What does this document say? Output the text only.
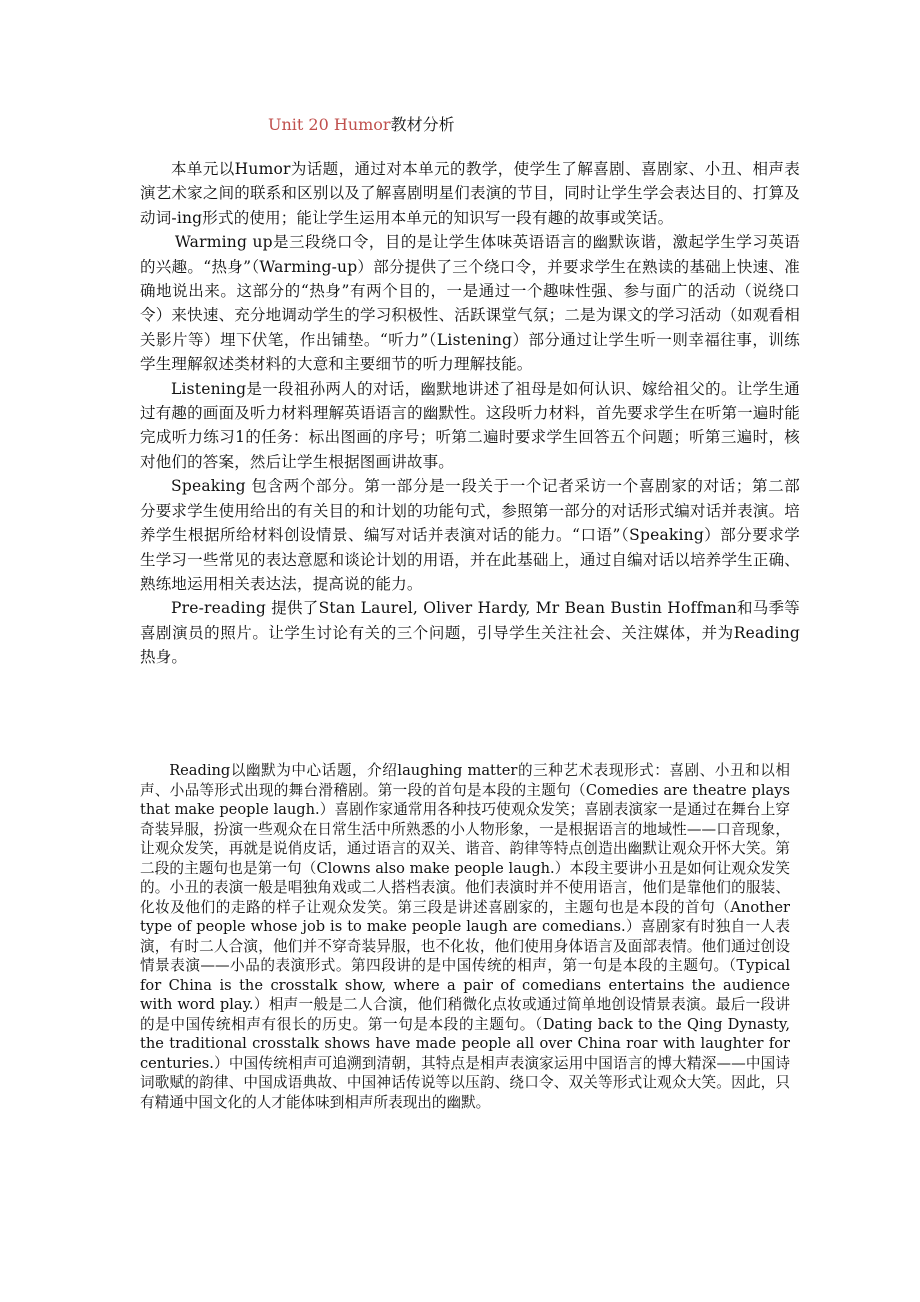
Unit 20 Humor教材分析

本单元以Humor为话题，通过对本单元的教学，使学生了解喜剧、喜剧家、小丑、相声表演艺术家之间的联系和区别以及了解喜剧明星们表演的节目，同时让学生学会表达目的、打算及动词-ing形式的使用；能让学生运用本单元的知识写一段有趣的故事或笑话。

Warming up是三段绕口令，目的是让学生体味英语语言的幽默诙谐，激起学生学习英语的兴趣。“热身”（Warming-up）部分提供了三个绕口令，并要求学生在熟读的基础上快速、准确地说出来。这部分的“热身”有两个目的，一是通过一个趣味性强、参与面广的活动（说绕口令）来快速、充分地调动学生的学习积极性、活跃课堂气氛；二是为课文的学习活动（如观看相关影片等）埋下伏笔，作出铺垫。“听力”（Listening）部分通过让学生听一则幸福往事，训练学生理解叙述类材料的大意和主要细节的听力理解技能。

Listening是一段祖孙两人的对话，幽默地讲述了祖母是如何认识、嫁给祖父的。让学生通过有趣的画面及听力材料理解英语语言的幽默性。这段听力材料，首先要求学生在听第一遍时能完成听力练习1的任务：标出图画的序号；听第二遍时要求学生回答五个问题；听第三遍时，核对他们的答案，然后让学生根据图画讲故事。

Speaking 包含两个部分。第一部分是一段关于一个记者采访一个喜剧家的对话；第二部分要求学生使用给出的有关目的和计划的功能句式，参照第一部分的对话形式编对话并表演。培养学生根据所给材料创设情景、编写对话并表演对话的能力。“口语”（Speaking）部分要求学生学习一些常见的表达意愿和谈论计划的用语，并在此基础上，通过自编对话以培养学生正确、熟练地运用相关表达法，提高说的能力。

Pre-reading 提供了Stan Laurel, Oliver Hardy, Mr Bean Bustin Hoffman和马季等喜剧演员的照片。让学生讨论有关的三个问题，引导学生关注社会、关注媒体，并为Reading热身。

Reading以幽默为中心话题，介绍laughing matter的三种艺术表现形式：喜剧、小丑和以相声、小品等形式出现的舞台滑稽剧。第一段的首句是本段的主题句（Comedies are theatre plays that make people laugh.）喜剧作家通常用各种技巧使观众发笑；喜剧表演家一是通过在舞台上穿奇装异服，扮演一些观众在日常生活中所熟悉的小人物形象，一是根据语言的地域性——口音现象，让观众发笑，再就是说俏皮话，通过语言的双关、谐音、韵律等特点创造出幽默让观众开怀大笑。第二段的主题句也是第一句（Clowns also make people laugh.）本段主要讲小丑是如何让观众发笑的。小丑的表演一般是唱独角戏或二人搭档表演。他们表演时并不使用语言，他们是靠他们的服装、化妆及他们的走路的样子让观众发笑。第三段是讲述喜剧家的，主题句也是本段的首句（Another type of people whose job is to make people laugh are comedians.）喜剧家有时独自一人表演，有时二人合演，他们并不穿奇装异服，也不化妆，他们使用身体语言及面部表情。他们通过创设情景表演——小品的表演形式。第四段讲的是中国传统的相声，第一句是本段的主题句。（Typical for China is the crosstalk show, where a pair of comedians entertains the audience with word play.）相声一般是二人合演，他们稍微化点妆或通过简单地创设情景表演。最后一段讲的是中国传统相声有很长的历史。第一句是本段的主题句。（Dating back to the Qing Dynasty, the traditional crosstalk shows have made people all over China roar with laughter for centuries.）中国传统相声可追溯到清朝，其特点是相声表演家运用中国语言的博大精深——中国诗词歌赋的韵律、中国成语典故、中国神话传说等以压韵、绕口令、双关等形式让观众大笑。因此，只有精通中国文化的人才能体味到相声所表现出的幽默。
